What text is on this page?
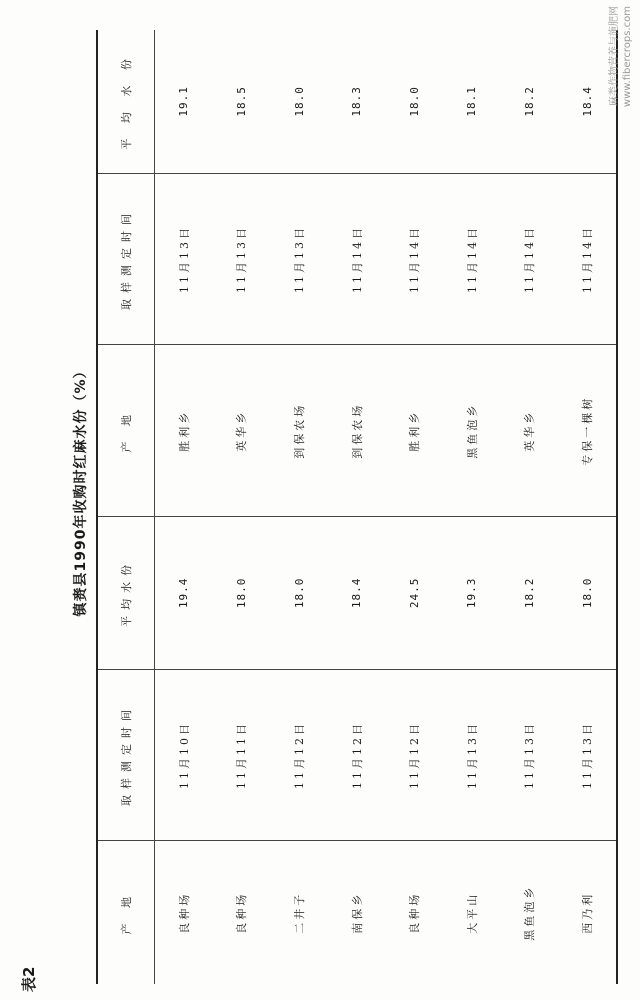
表2
镇赉县1990年收购时红麻水份（%）
产 地	取样测定时间	平均水份	产 地	取样测定时间	平 均 水 份
良种场	11月10日	19.4	胜利乡	11月13日	19.1
良种场	11月11日	18.0	英华乡	11月13日	18.5
二井子	11月12日	18.0	到保农场	11月13日	18.0
南保乡	11月12日	18.4	到保农场	11月14日	18.3
良种场	11月12日	24.5	胜利乡	11月14日	18.0
大平山	11月13日	19.3	黑鱼泡乡	11月14日	18.1
黑鱼泡乡	11月13日	18.2	英华乡	11月14日	18.2
西乃利	11月13日	18.0	专保一棵树	11月14日	18.4 麻类作物营养与施肥网 www.fibercrops.com
